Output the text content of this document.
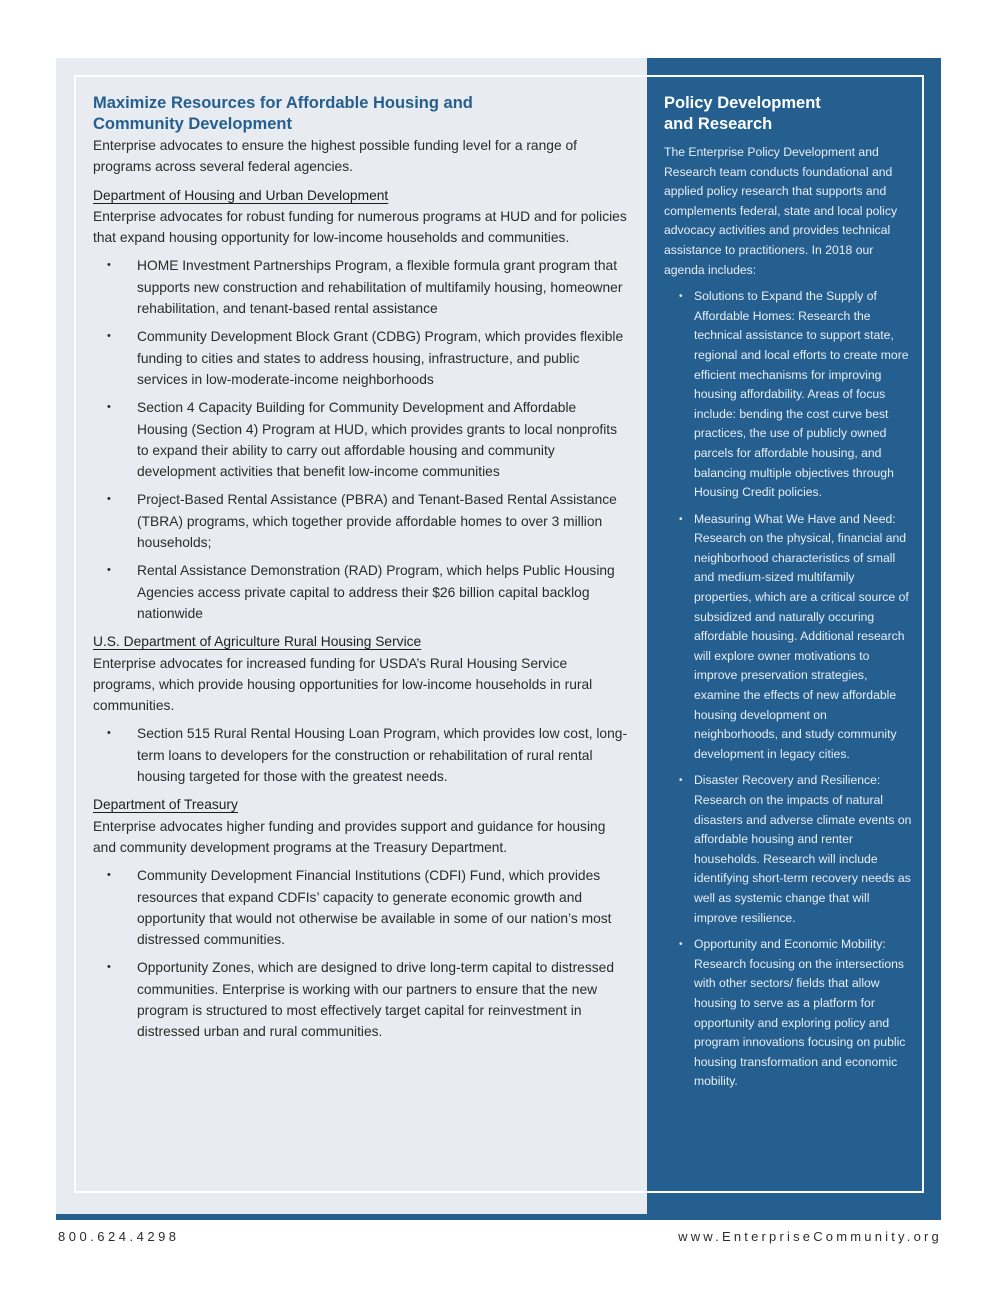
Maximize Resources for Affordable Housing and
Community Development

Enterprise advocates to ensure the highest possible funding level for a range of programs across several federal agencies.

Department of Housing and Urban Development

Enterprise advocates for robust funding for numerous programs at HUD and for policies that expand housing opportunity for low-income households and communities.

• HOME Investment Partnerships Program, a flexible formula grant program that supports new construction and rehabilitation of multifamily housing, homeowner rehabilitation, and tenant-based rental assistance
• Community Development Block Grant (CDBG) Program, which provides flexible funding to cities and states to address housing, infrastructure, and public services in low-moderate-income neighborhoods
• Section 4 Capacity Building for Community Development and Affordable Housing (Section 4) Program at HUD, which provides grants to local nonprofits to expand their ability to carry out affordable housing and community development activities that benefit low-income communities
• Project-Based Rental Assistance (PBRA) and Tenant-Based Rental Assistance (TBRA) programs, which together provide affordable homes to over 3 million households;
• Rental Assistance Demonstration (RAD) Program, which helps Public Housing Agencies access private capital to address their $26 billion capital backlog nationwide
U.S. Department of Agriculture Rural Housing Service

Enterprise advocates for increased funding for USDA’s Rural Housing Service programs, which provide housing opportunities for low-income households in rural communities.

• Section 515 Rural Rental Housing Loan Program, which provides low cost, long-term loans to developers for the construction or rehabilitation of rural rental housing targeted for those with the greatest needs.
Department of Treasury

Enterprise advocates higher funding and provides support and guidance for housing and community development programs at the Treasury Department.

• Community Development Financial Institutions (CDFI) Fund, which provides resources that expand CDFIs’ capacity to generate economic growth and opportunity that would not otherwise be available in some of our nation’s most distressed communities.
• Opportunity Zones, which are designed to drive long-term capital to distressed communities. Enterprise is working with our partners to ensure that the new program is structured to most effectively target capital for reinvestment in distressed urban and rural communities.
Policy Development
and Research

The Enterprise Policy Development and Research team conducts foundational and applied policy research that supports and complements federal, state and local policy advocacy activities and provides technical assistance to practitioners. In 2018 our agenda includes:

• Solutions to Expand the Supply of Affordable Homes: Research the technical assistance to support state, regional and local efforts to create more efficient mechanisms for improving housing affordability. Areas of focus include: bending the cost curve best practices, the use of publicly owned parcels for affordable housing, and balancing multiple objectives through Housing Credit policies.
• Measuring What We Have and Need: Research on the physical, financial and neighborhood characteristics of small and medium-sized multifamily properties, which are a critical source of subsidized and naturally occuring affordable housing. Additional research will explore owner motivations to improve preservation strategies, examine the effects of new affordable housing development on neighborhoods, and study community development in legacy cities.
• Disaster Recovery and Resilience: Research on the impacts of natural disasters and adverse climate events on affordable housing and renter households. Research will include identifying short-term recovery needs as well as systemic change that will improve resilience.
• Opportunity and Economic Mobility: Research focusing on the intersections with other sectors/ fields that allow housing to serve as a platform for opportunity and exploring policy and program innovations focusing on public housing transformation and economic mobility.
800.624.4298	www.EnterpriseCommunity.org
